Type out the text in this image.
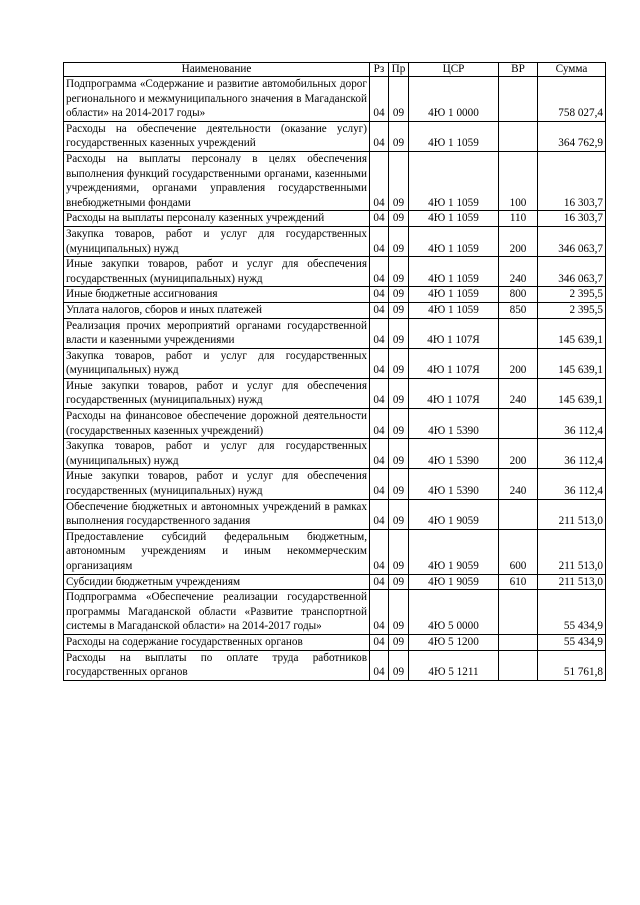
Наименование	Рз	Пр	ЦСР	ВР	Сумма
Подпрограмма «Содержание и развитие автомобильных дорог регионального и межмуниципального значения в Магаданской области» на 2014-2017 годы»	04	09	4Ю 1 0000		758 027,4
Расходы на обеспечение деятельности (оказание услуг) государственных казенных учреждений	04	09	4Ю 1 1059		364 762,9
Расходы на выплаты персоналу в целях обеспечения выполнения функций государственными органами, казенными учреждениями, органами управления государственными внебюджетными фондами	04	09	4Ю 1 1059	100	16 303,7
Расходы на выплаты персоналу казенных учреждений	04	09	4Ю 1 1059	110	16 303,7
Закупка товаров, работ и услуг для государственных (муниципальных) нужд	04	09	4Ю 1 1059	200	346 063,7
Иные закупки товаров, работ и услуг для обеспечения государственных (муниципальных) нужд	04	09	4Ю 1 1059	240	346 063,7
Иные бюджетные ассигнования	04	09	4Ю 1 1059	800	2 395,5
Уплата налогов, сборов и иных платежей	04	09	4Ю 1 1059	850	2 395,5
Реализация прочих мероприятий органами государственной власти и казенными учреждениями	04	09	4Ю 1 107Я		145 639,1
Закупка товаров, работ и услуг для государственных (муниципальных) нужд	04	09	4Ю 1 107Я	200	145 639,1
Иные закупки товаров, работ и услуг для обеспечения государственных (муниципальных) нужд	04	09	4Ю 1 107Я	240	145 639,1
Расходы на финансовое обеспечение дорожной деятельности (государственных казенных учреждений)	04	09	4Ю 1 5390		36 112,4
Закупка товаров, работ и услуг для государственных (муниципальных) нужд	04	09	4Ю 1 5390	200	36 112,4
Иные закупки товаров, работ и услуг для обеспечения государственных (муниципальных) нужд	04	09	4Ю 1 5390	240	36 112,4
Обеспечение бюджетных и автономных учреждений в рамках выполнения государственного задания	04	09	4Ю 1 9059		211 513,0
Предоставление субсидий федеральным бюджетным, автономным учреждениям и иным некоммерческим организациям	04	09	4Ю 1 9059	600	211 513,0
Субсидии бюджетным учреждениям	04	09	4Ю 1 9059	610	211 513,0
Подпрограмма «Обеспечение реализации государственной программы Магаданской области «Развитие транспортной системы в Магаданской области» на 2014-2017 годы»	04	09	4Ю 5 0000		55 434,9
Расходы на содержание государственных органов	04	09	4Ю 5 1200		55 434,9
Расходы на выплаты по оплате труда работников государственных органов	04	09	4Ю 5 1211		51 761,8
